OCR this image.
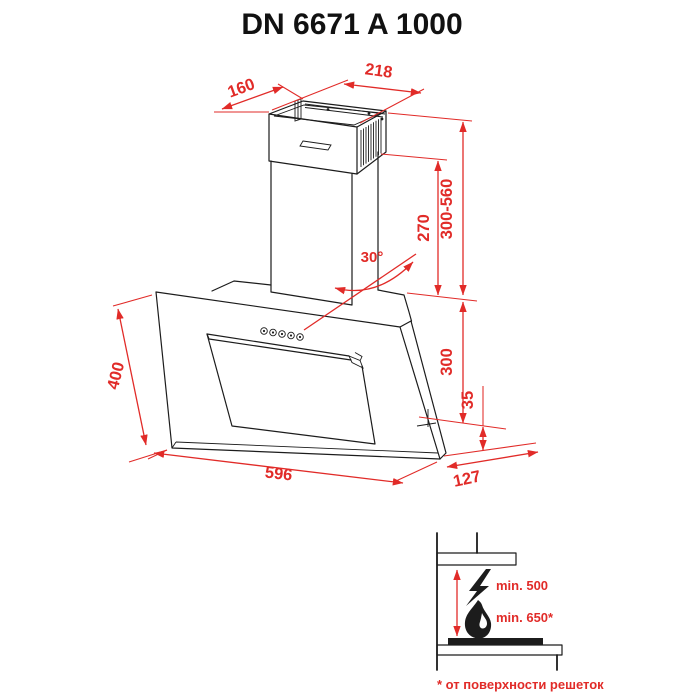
DN 6671 A 1000
160
218
270 300-560
30°
300
35
400
596	127
min. 500
min. 650*
* от поверхности решеток
